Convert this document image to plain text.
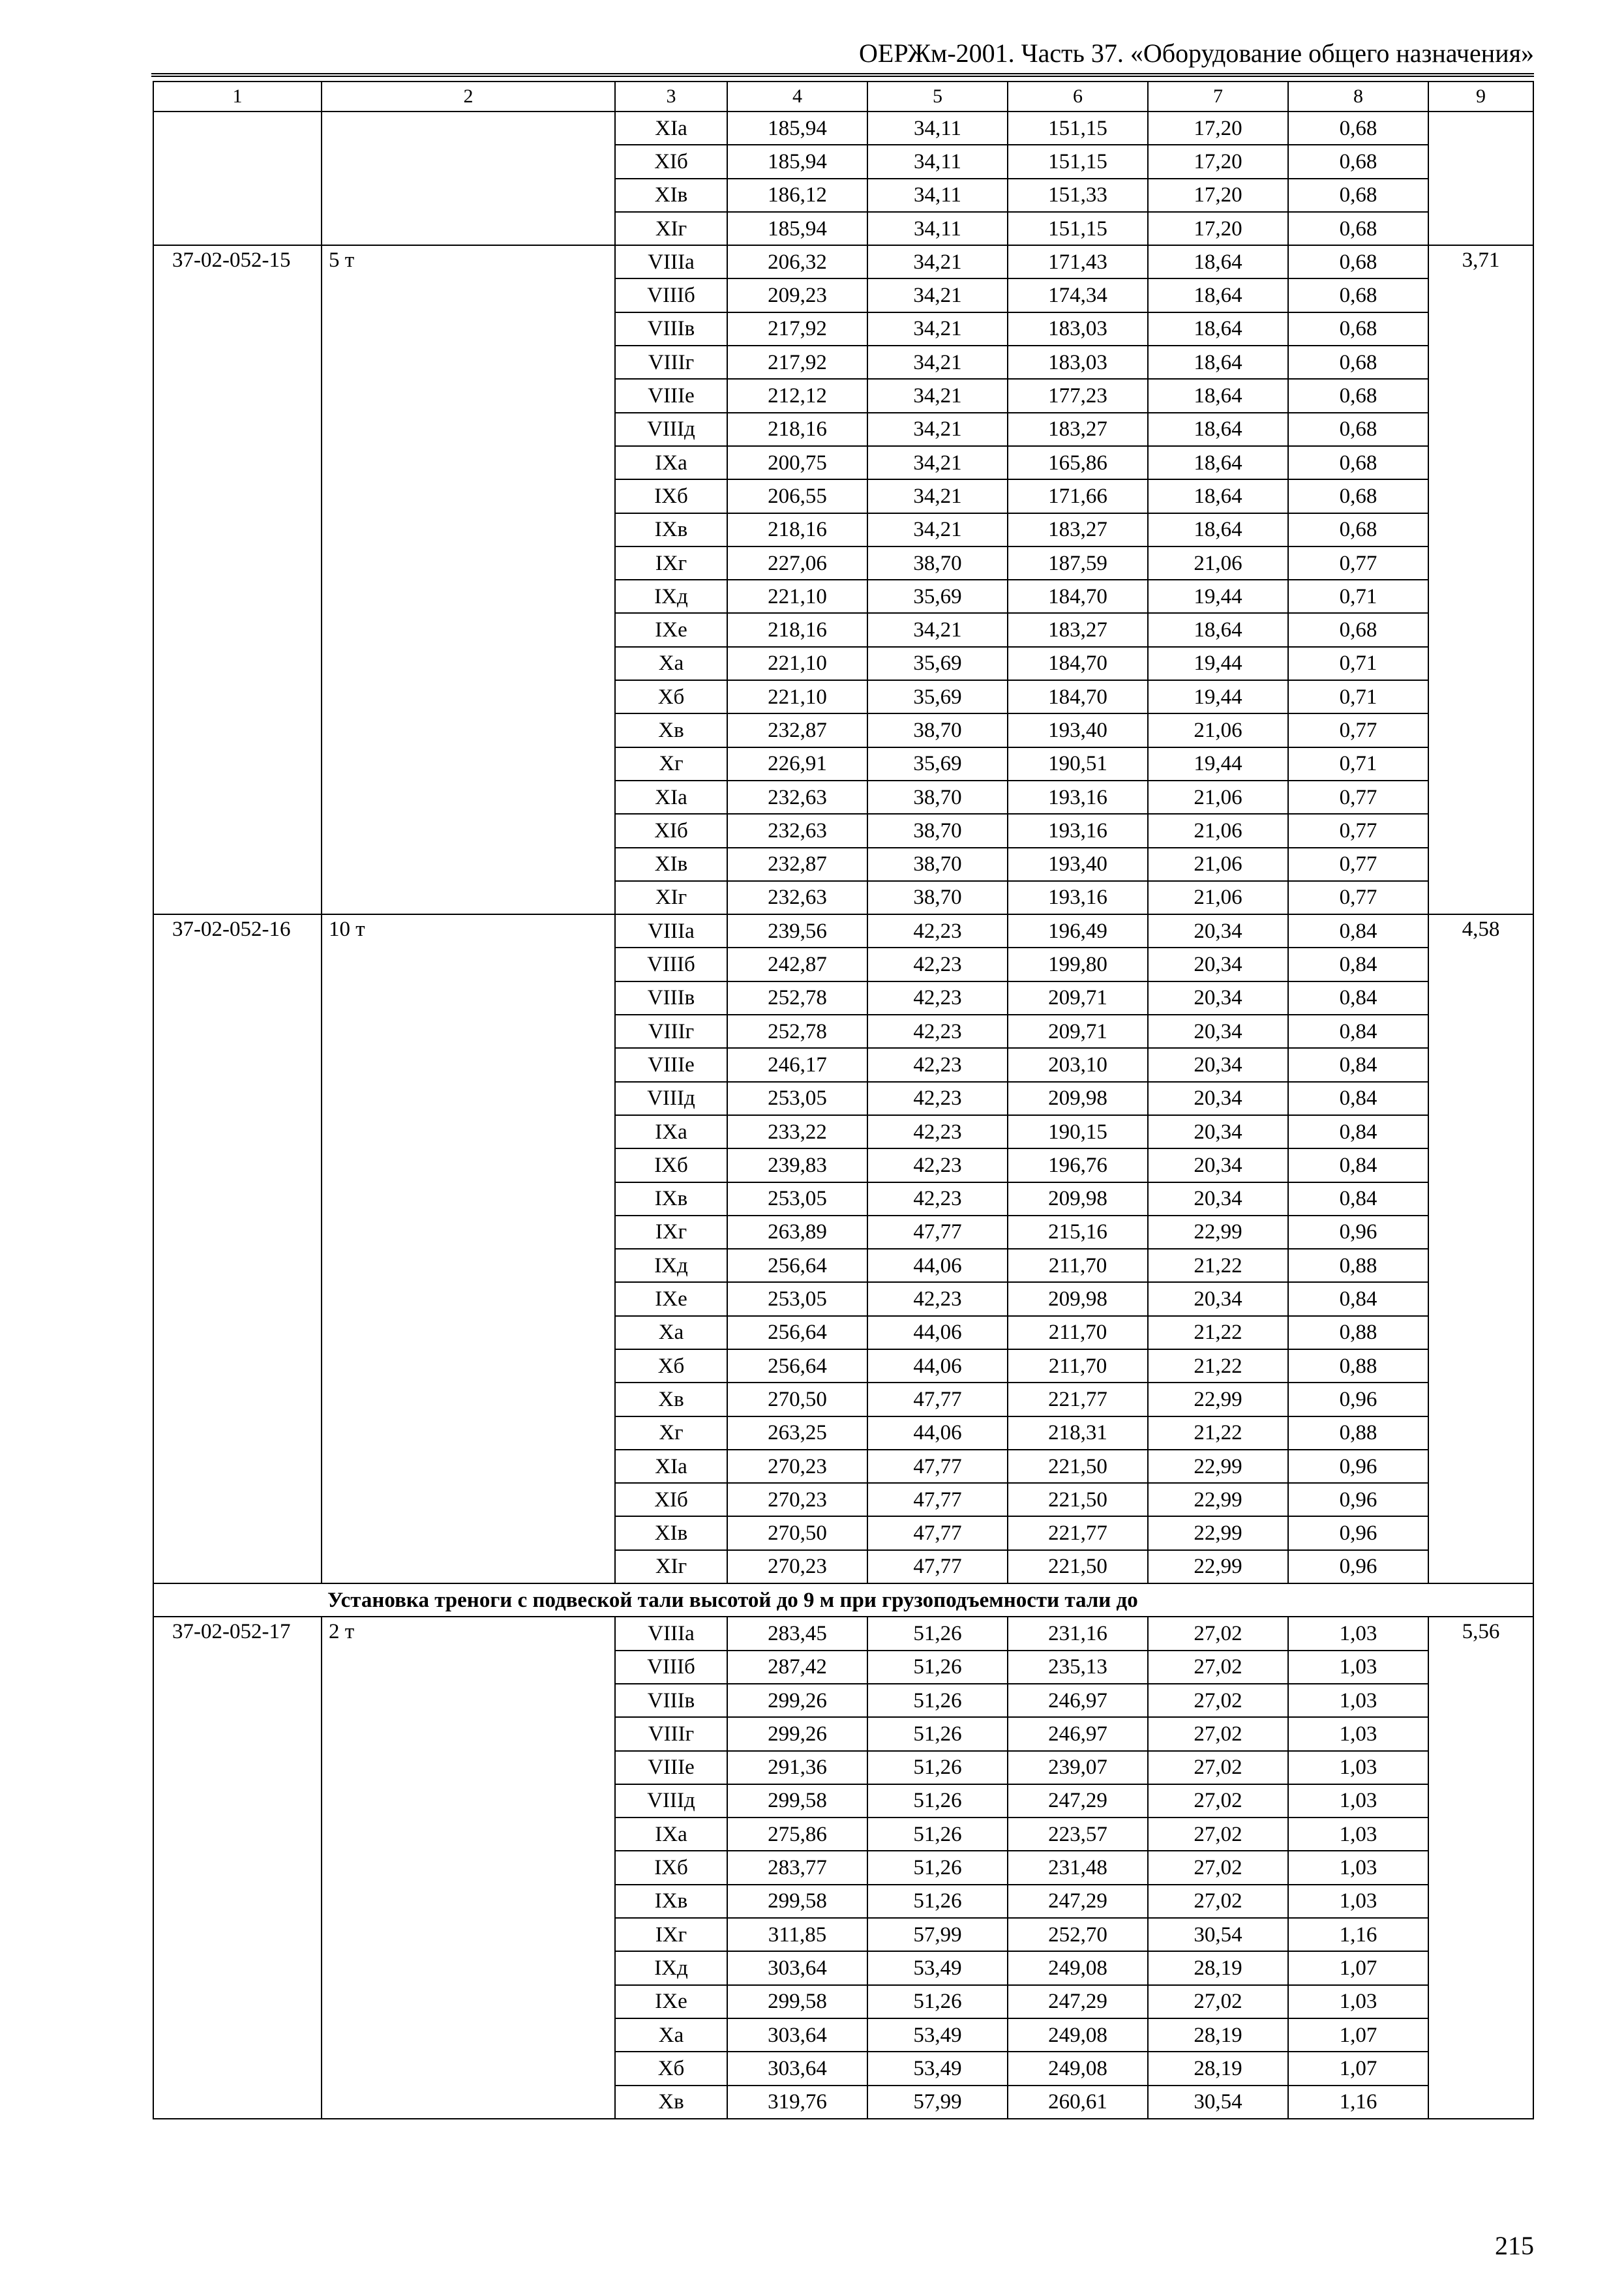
ОЕРЖм-2001. Часть 37. «Оборудование общего назначения»
1	2	3	4	5	6	7	8	9
		XIа	185,94	34,11	151,15	17,20	0,68	
		XIб	185,94	34,11	151,15	17,20	0,68	
		XIв	186,12	34,11	151,33	17,20	0,68	
		XIг	185,94	34,11	151,15	17,20	0,68	
37-02-052-15	5 т	VIIIа	206,32	34,21	171,43	18,64	0,68	3,71
		VIIIб	209,23	34,21	174,34	18,64	0,68	
		VIIIв	217,92	34,21	183,03	18,64	0,68	
		VIIIг	217,92	34,21	183,03	18,64	0,68	
		VIIIе	212,12	34,21	177,23	18,64	0,68	
		VIIIд	218,16	34,21	183,27	18,64	0,68	
		IXа	200,75	34,21	165,86	18,64	0,68	
		IXб	206,55	34,21	171,66	18,64	0,68	
		IXв	218,16	34,21	183,27	18,64	0,68	
		IXг	227,06	38,70	187,59	21,06	0,77	
		IXд	221,10	35,69	184,70	19,44	0,71	
		IXе	218,16	34,21	183,27	18,64	0,68	
		Xа	221,10	35,69	184,70	19,44	0,71	
		Xб	221,10	35,69	184,70	19,44	0,71	
		Xв	232,87	38,70	193,40	21,06	0,77	
		Xг	226,91	35,69	190,51	19,44	0,71	
		XIа	232,63	38,70	193,16	21,06	0,77	
		XIб	232,63	38,70	193,16	21,06	0,77	
		XIв	232,87	38,70	193,40	21,06	0,77	
		XIг	232,63	38,70	193,16	21,06	0,77	
37-02-052-16	10 т	VIIIа	239,56	42,23	196,49	20,34	0,84	4,58
		VIIIб	242,87	42,23	199,80	20,34	0,84	
		VIIIв	252,78	42,23	209,71	20,34	0,84	
		VIIIг	252,78	42,23	209,71	20,34	0,84	
		VIIIе	246,17	42,23	203,10	20,34	0,84	
		VIIIд	253,05	42,23	209,98	20,34	0,84	
		IXа	233,22	42,23	190,15	20,34	0,84	
		IXб	239,83	42,23	196,76	20,34	0,84	
		IXв	253,05	42,23	209,98	20,34	0,84	
		IXг	263,89	47,77	215,16	22,99	0,96	
		IXд	256,64	44,06	211,70	21,22	0,88	
		IXе	253,05	42,23	209,98	20,34	0,84	
		Xа	256,64	44,06	211,70	21,22	0,88	
		Xб	256,64	44,06	211,70	21,22	0,88	
		Xв	270,50	47,77	221,77	22,99	0,96	
		Xг	263,25	44,06	218,31	21,22	0,88	
		XIа	270,23	47,77	221,50	22,99	0,96	
		XIб	270,23	47,77	221,50	22,99	0,96	
		XIв	270,50	47,77	221,77	22,99	0,96	
		XIг	270,23	47,77	221,50	22,99	0,96	
Установка треноги с подвеской тали высотой до 9 м при грузоподъемности тали до								
37-02-052-17	2 т	VIIIа	283,45	51,26	231,16	27,02	1,03	5,56
		VIIIб	287,42	51,26	235,13	27,02	1,03	
		VIIIв	299,26	51,26	246,97	27,02	1,03	
		VIIIг	299,26	51,26	246,97	27,02	1,03	
		VIIIе	291,36	51,26	239,07	27,02	1,03	
		VIIIд	299,58	51,26	247,29	27,02	1,03	
		IXа	275,86	51,26	223,57	27,02	1,03	
		IXб	283,77	51,26	231,48	27,02	1,03	
		IXв	299,58	51,26	247,29	27,02	1,03	
		IXг	311,85	57,99	252,70	30,54	1,16	
		IXд	303,64	53,49	249,08	28,19	1,07	
		IXе	299,58	51,26	247,29	27,02	1,03	
		Xа	303,64	53,49	249,08	28,19	1,07	
		Xб	303,64	53,49	249,08	28,19	1,07	
		Xв	319,76	57,99	260,61	30,54	1,16	
215
